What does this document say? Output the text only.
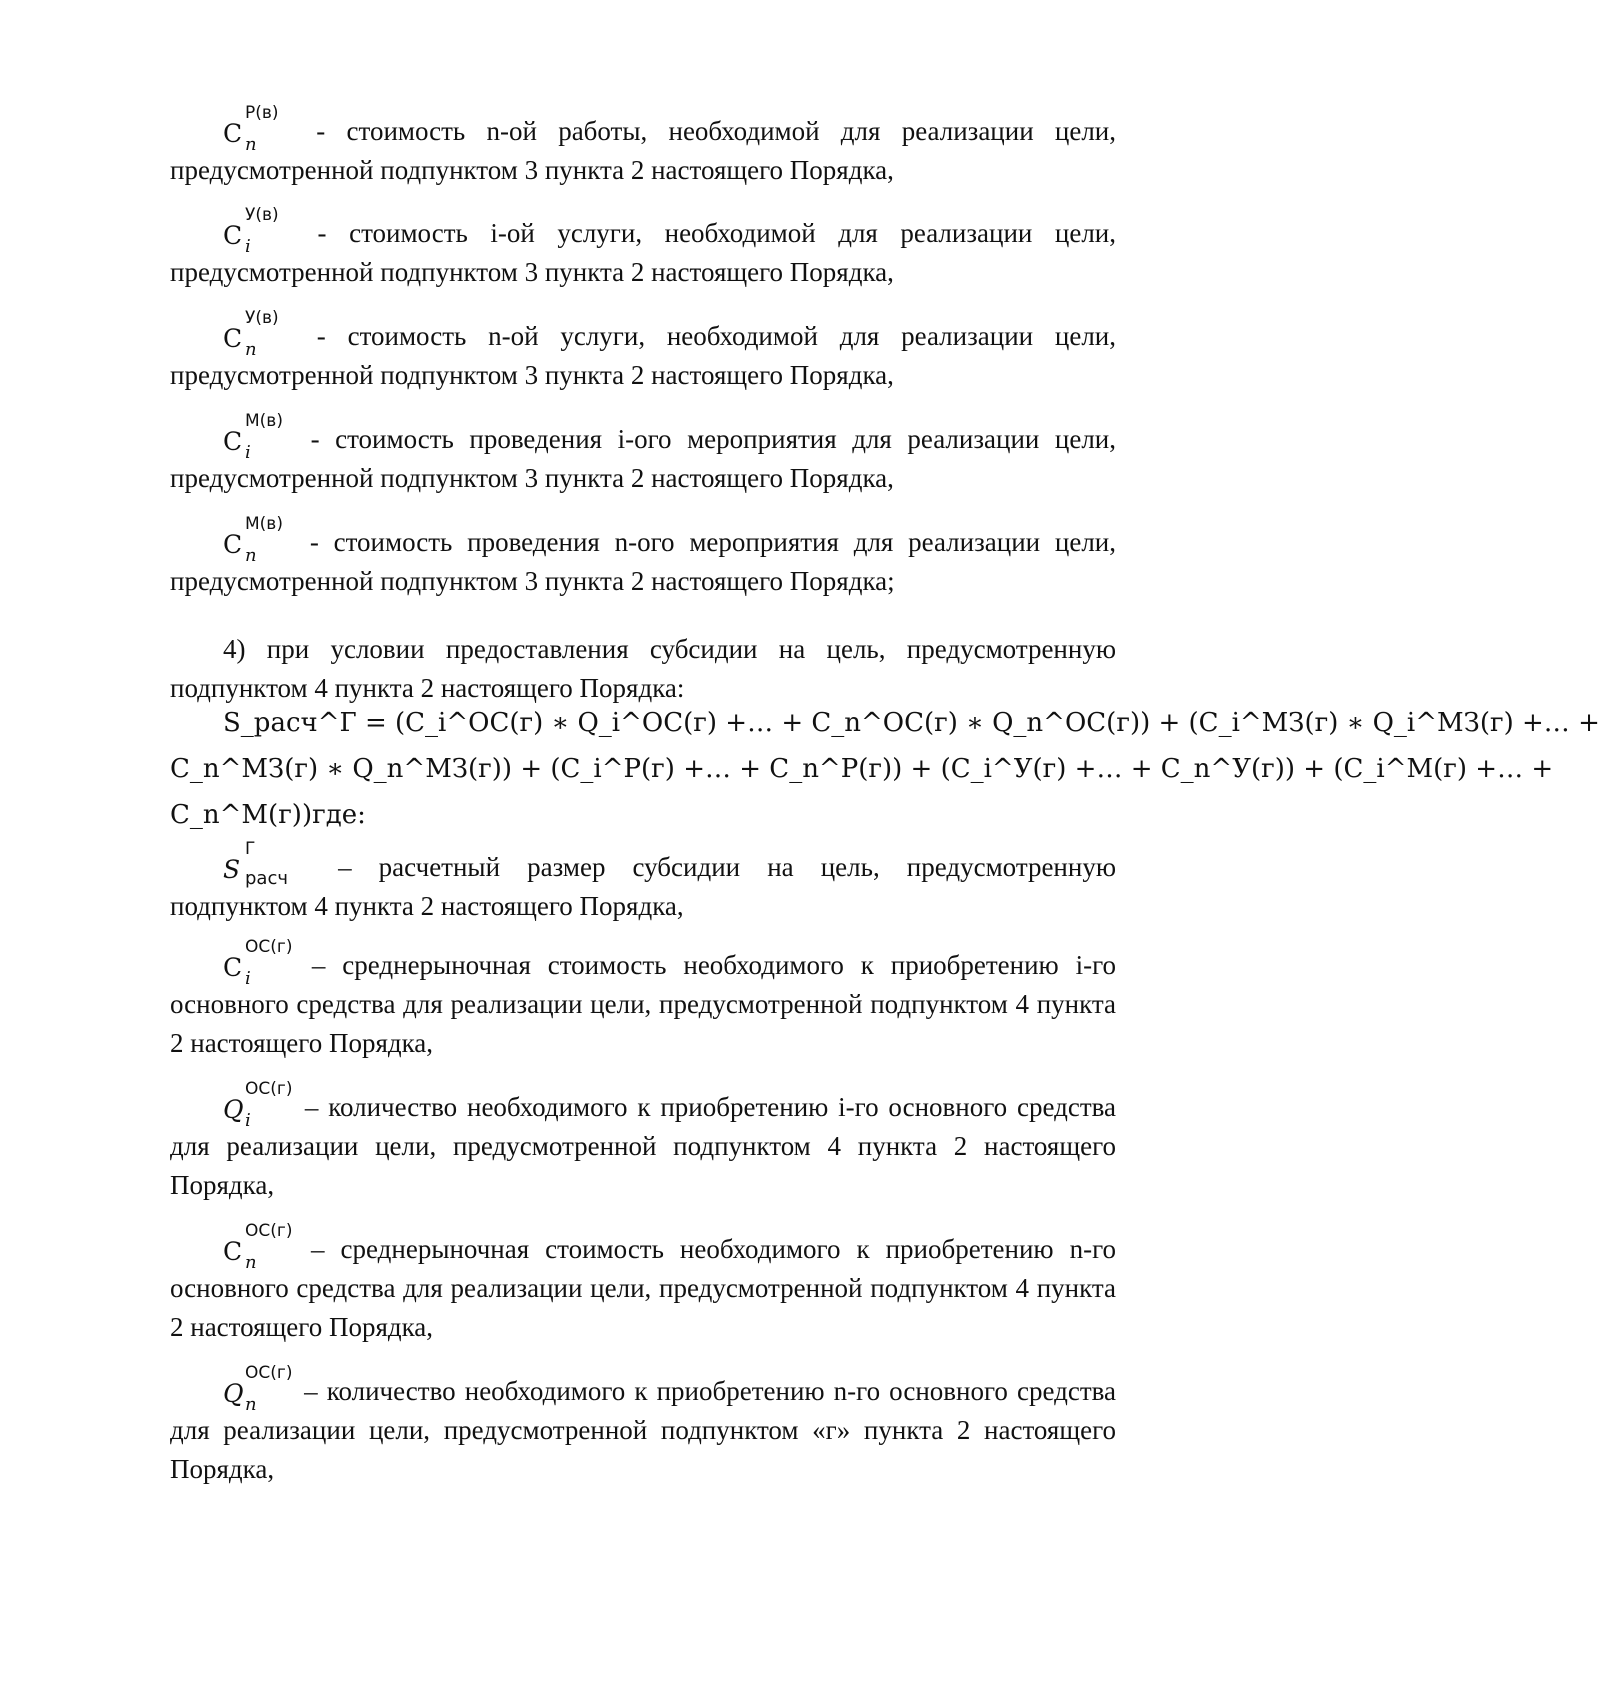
C
Р(в)
n - стоимость n-ой работы, необходимой для реализации цели, предусмотренной подпунктом 3 пункта 2 настоящего Порядка,

C
У(в)
i - стоимость i-ой услуги, необходимой для реализации цели, предусмотренной подпунктом 3 пункта 2 настоящего Порядка,

C
У(в)
n - стоимость n-ой услуги, необходимой для реализации цели, предусмотренной подпунктом 3 пункта 2 настоящего Порядка,

C
М(в)
i - стоимость проведения i-ого мероприятия для реализации цели, предусмотренной подпунктом 3 пункта 2 настоящего Порядка,

C
М(в)
n - стоимость проведения n-ого мероприятия для реализации цели, предусмотренной подпунктом 3 пункта 2 настоящего Порядка;

4) при условии предоставления субсидии на цель, предусмотренную подпунктом 4 пункта 2 настоящего Порядка:

S_расч^Г = (C_i^ОС(г) ∗ Q_i^ОС(г) +… + C_n^ОС(г) ∗ Q_n^ОС(г)) + (C_i^МЗ(г) ∗ Q_i^МЗ(г) +… +
C_n^МЗ(г) ∗ Q_n^МЗ(г)) + (C_i^Р(г) +… + C_n^Р(г)) + (C_i^У(г) +… + C_n^У(г)) + (C_i^М(г) +… +
C_n^М(г))где:

S
Г
расч – расчетный размер субсидии на цель, предусмотренную подпунктом 4 пункта 2 настоящего Порядка,

C
ОС(г)
i – среднерыночная стоимость необходимого к приобретению i-го основного средства для реализации цели, предусмотренной подпунктом 4 пункта 2 настоящего Порядка,

Q
ОС(г)
i – количество необходимого к приобретению i-го основного средства для реализации цели, предусмотренной подпунктом 4 пункта 2 настоящего Порядка,

C
ОС(г)
n – среднерыночная стоимость необходимого к приобретению n-го основного средства для реализации цели, предусмотренной подпунктом 4 пункта 2 настоящего Порядка,

Q
ОС(г)
n – количество необходимого к приобретению n-го основного средства для реализации цели, предусмотренной подпунктом «г» пункта 2 настоящего Порядка,
